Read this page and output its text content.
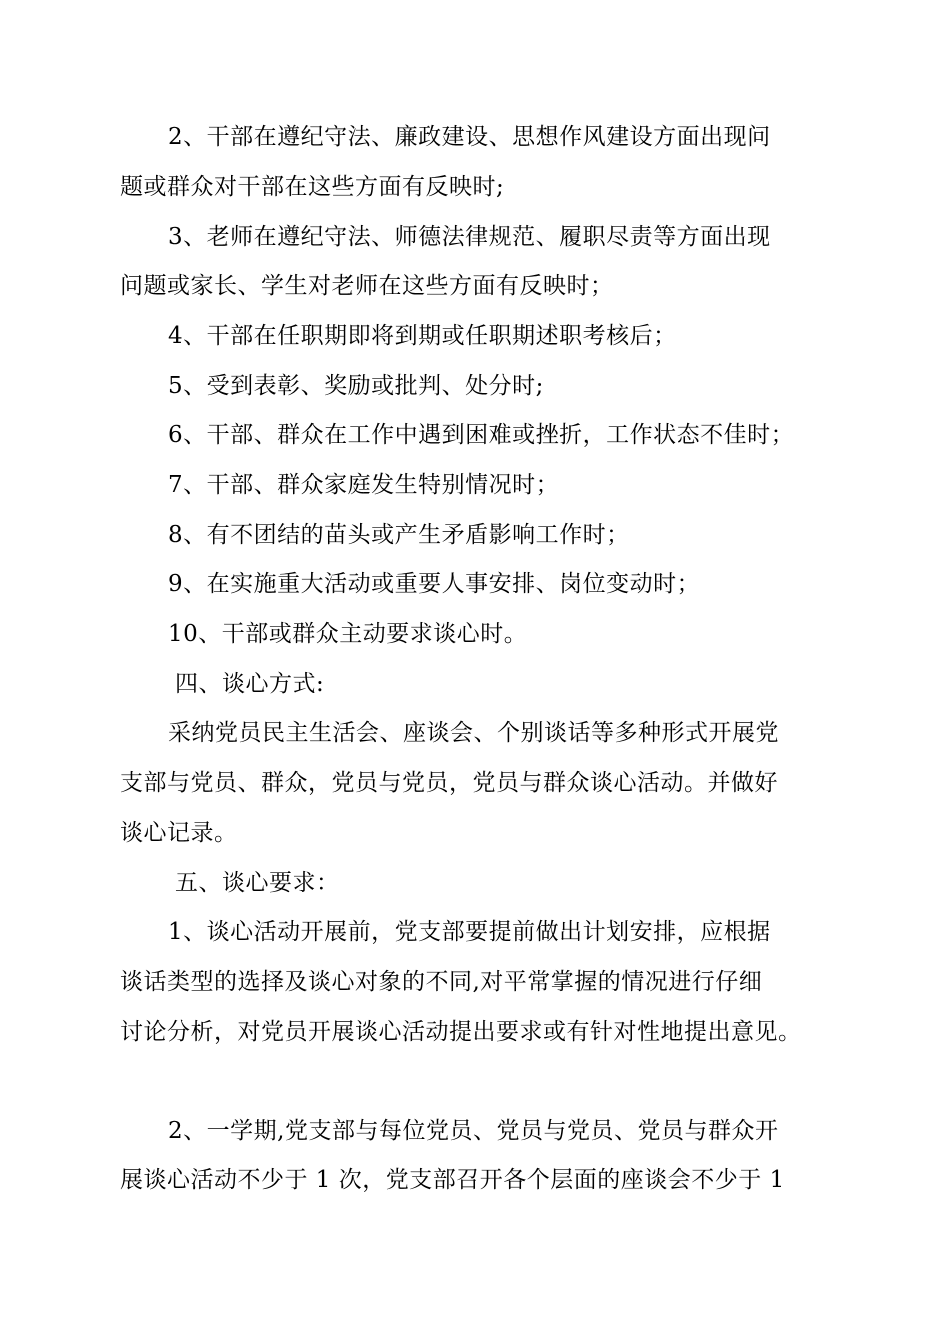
2、干部在遵纪守法、廉政建设、思想作风建设方面出现问
题或群众对干部在这些方面有反映时;
3、老师在遵纪守法、师德法律规范、履职尽责等方面出现
问题或家长、学生对老师在这些方面有反映时；
4、干部在任职期即将到期或任职期述职考核后；
5、受到表彰、奖励或批判、处分时;
6、干部、群众在工作中遇到困难或挫折，工作状态不佳时；
7、干部、群众家庭发生特别情况时；
8、有不团结的苗头或产生矛盾影响工作时；
9、在实施重大活动或重要人事安排、岗位变动时；
10、干部或群众主动要求谈心时。
四、谈心方式:
采纳党员民主生活会、座谈会、个别谈话等多种形式开展党
支部与党员、群众，党员与党员，党员与群众谈心活动。并做好
谈心记录。
五、谈心要求：
1、谈心活动开展前，党支部要提前做出计划安排，应根据
谈话类型的选择及谈心对象的不同,对平常掌握的情况进行仔细
讨论分析，对党员开展谈心活动提出要求或有针对性地提出意见。
2、一学期,党支部与每位党员、党员与党员、党员与群众开
展谈心活动不少于 1 次，党支部召开各个层面的座谈会不少于 1
